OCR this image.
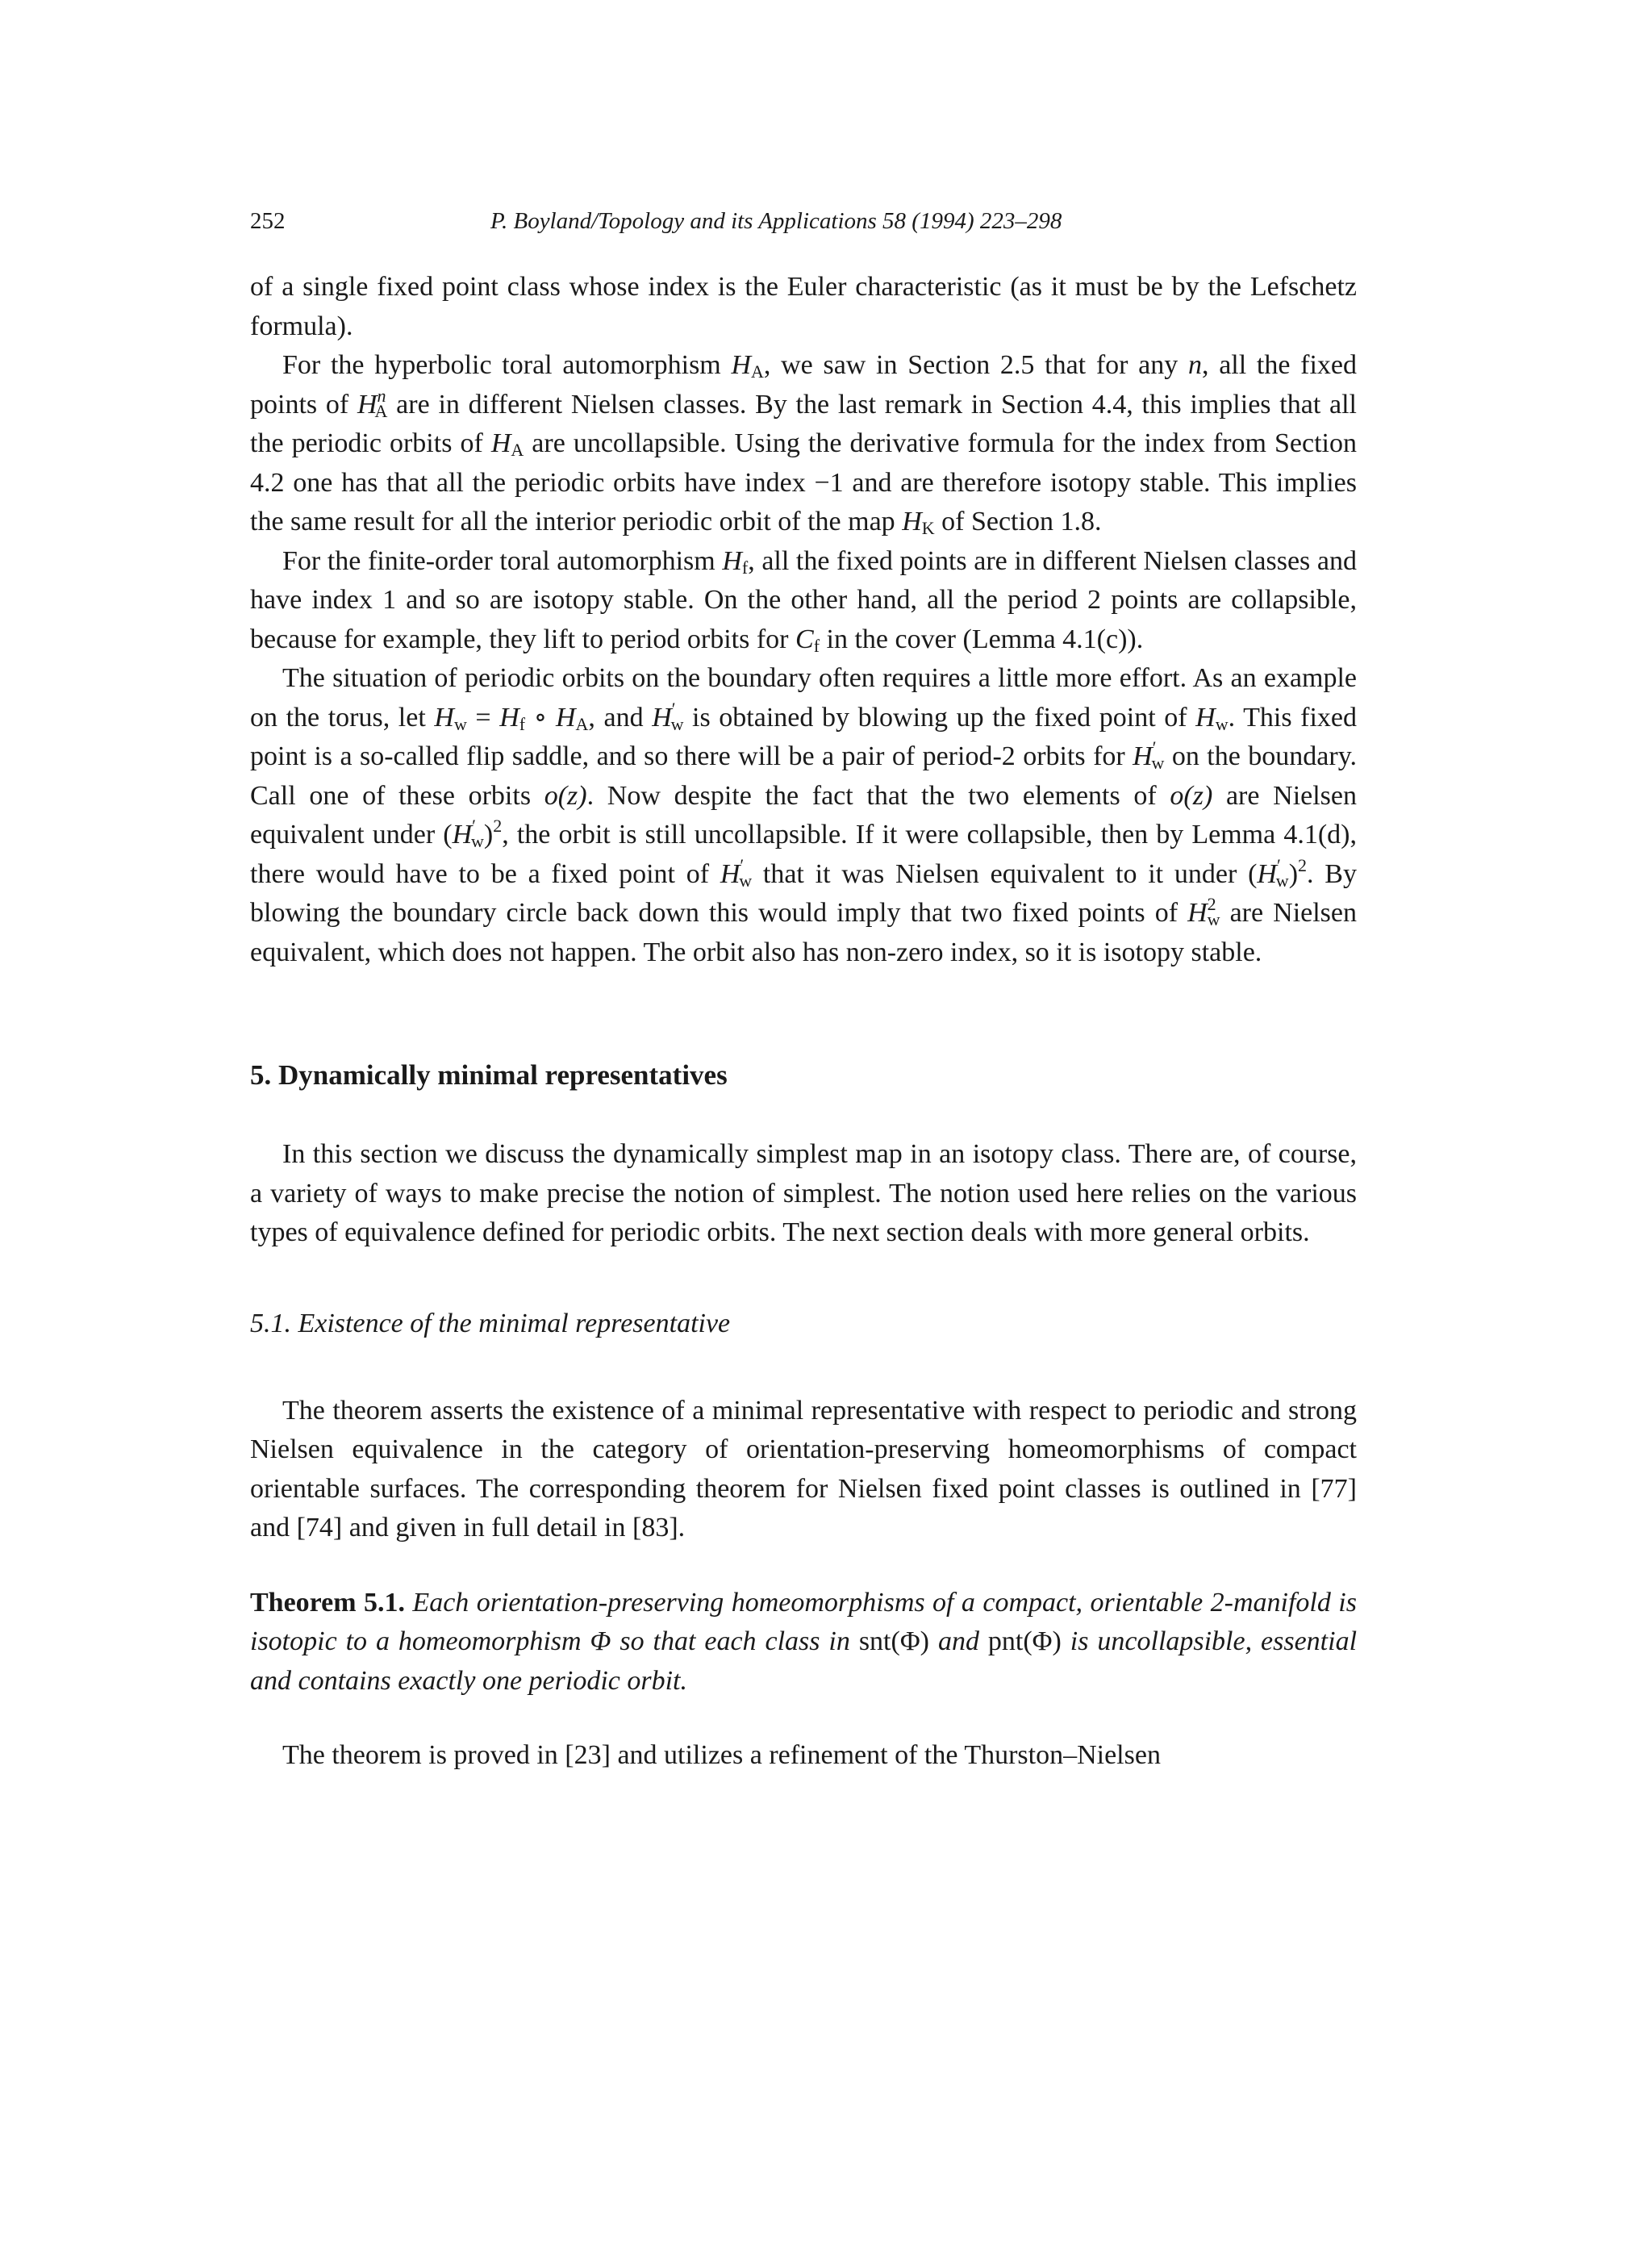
252	P. Boyland/Topology and its Applications 58 (1994) 223–298

of a single fixed point class whose index is the Euler characteristic (as it must be by the Lefschetz formula).

For the hyperbolic toral automorphism $H_A$, we saw in Section 2.5 that for any n, all the fixed points of $H^n_A$ are in different Nielsen classes. By the last remark in Section 4.4, this implies that all the periodic orbits of $H_A$ are uncollapsible. Using the derivative formula for the index from Section 4.2 one has that all the periodic orbits have index −1 and are therefore isotopy stable. This implies the same result for all the interior periodic orbit of the map $H_K$ of Section 1.8.

For the finite-order toral automorphism $H_f$, all the fixed points are in different Nielsen classes and have index 1 and so are isotopy stable. On the other hand, all the period 2 points are collapsible, because for example, they lift to period orbits for $C_f$ in the cover (Lemma 4.1(c)).

The situation of periodic orbits on the boundary often requires a little more effort. As an example on the torus, let $H_w = H_f$ ∘ $H_A$, and $H'_w$ is obtained by blowing up the fixed point of $H_w$. This fixed point is a so-called flip saddle, and so there will be a pair of period-2 orbits for $H'_w$ on the boundary. Call one of these orbits o(z). Now despite the fact that the two elements of o(z) are Nielsen equivalent under $(H'_w)^2$, the orbit is still uncollapsible. If it were collapsible, then by Lemma 4.1(d), there would have to be a fixed point of $H'_w$ that it was Nielsen equivalent to it under $(H'_w)^2$. By blowing the boundary circle back down this would imply that two fixed points of $H^2_w$ are Nielsen equivalent, which does not happen. The orbit also has non-zero index, so it is isotopy stable.

5. Dynamically minimal representatives

In this section we discuss the dynamically simplest map in an isotopy class. There are, of course, a variety of ways to make precise the notion of simplest. The notion used here relies on the various types of equivalence defined for periodic orbits. The next section deals with more general orbits.

5.1. Existence of the minimal representative

The theorem asserts the existence of a minimal representative with respect to periodic and strong Nielsen equivalence in the category of orientation-preserving homeomorphisms of compact orientable surfaces. The corresponding theorem for Nielsen fixed point classes is outlined in [77] and [74] and given in full detail in [83].

Theorem 5.1. Each orientation-preserving homeomorphisms of a compact, orientable 2-manifold is isotopic to a homeomorphism Φ so that each class in snt(Φ) and pnt(Φ) is uncollapsible, essential and contains exactly one periodic orbit.

The theorem is proved in [23] and utilizes a refinement of the Thurston–Nielsen
